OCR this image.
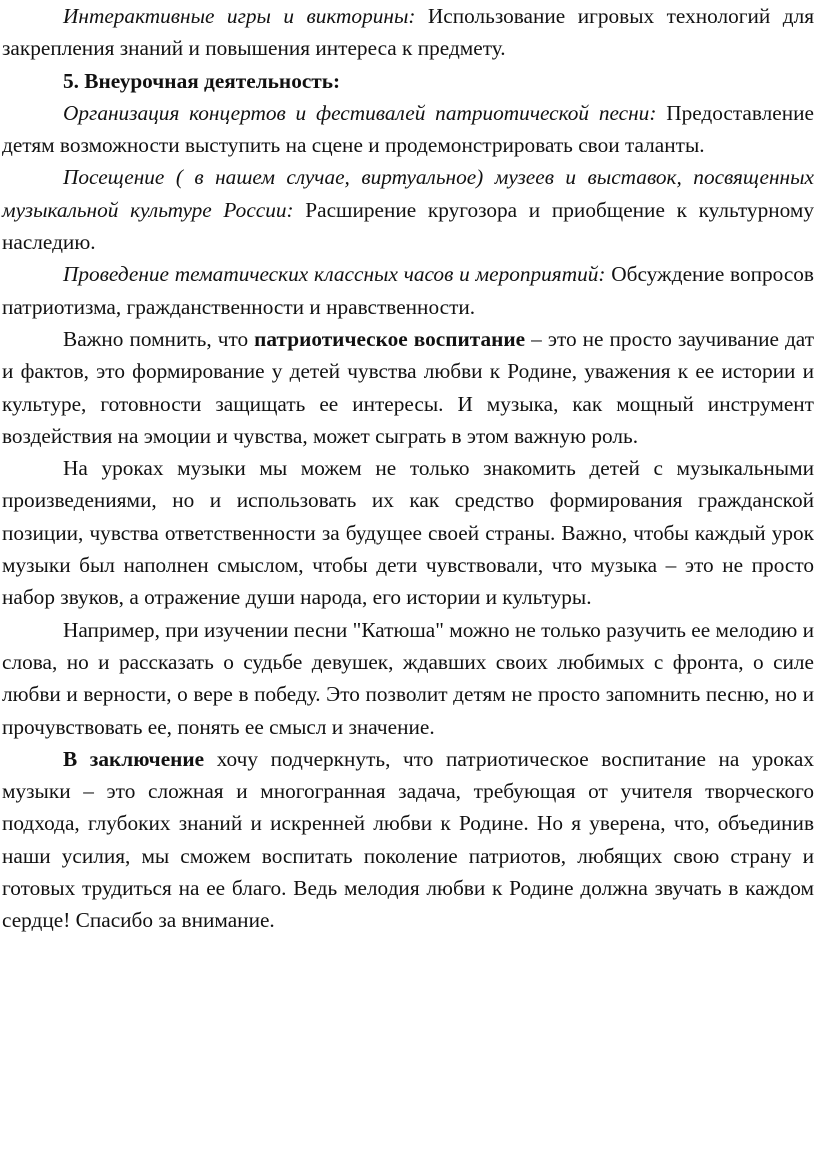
Интерактивные игры и викторины: Использование игровых технологий для закрепления знаний и повышения интереса к предмету.

5. Внеурочная деятельность:

Организация концертов и фестивалей патриотической песни: Предоставление детям возможности выступить на сцене и продемонстрировать свои таланты.

Посещение ( в нашем случае, виртуальное) музеев и выставок, посвященных музыкальной культуре России: Расширение кругозора и приобщение к культурному наследию.

Проведение тематических классных часов и мероприятий: Обсуждение вопросов патриотизма, гражданственности и нравственности.

Важно помнить, что патриотическое воспитание – это не просто заучивание дат и фактов, это формирование у детей чувства любви к Родине, уважения к ее истории и культуре, готовности защищать ее интересы. И музыка, как мощный инструмент воздействия на эмоции и чувства, может сыграть в этом важную роль.

На уроках музыки мы можем не только знакомить детей с музыкальными произведениями, но и использовать их как средство формирования гражданской позиции, чувства ответственности за будущее своей страны. Важно, чтобы каждый урок музыки был наполнен смыслом, чтобы дети чувствовали, что музыка – это не просто набор звуков, а отражение души народа, его истории и культуры.

Например, при изучении песни "Катюша" можно не только разучить ее мелодию и слова, но и рассказать о судьбе девушек, ждавших своих любимых с фронта, о силе любви и верности, о вере в победу. Это позволит детям не просто запомнить песню, но и прочувствовать ее, понять ее смысл и значение.

В заключение хочу подчеркнуть, что патриотическое воспитание на уроках музыки – это сложная и многогранная задача, требующая от учителя творческого подхода, глубоких знаний и искренней любви к Родине. Но я уверена, что, объединив наши усилия, мы сможем воспитать поколение патриотов, любящих свою страну и готовых трудиться на ее благо. Ведь мелодия любви к Родине должна звучать в каждом сердце! Спасибо за внимание.
